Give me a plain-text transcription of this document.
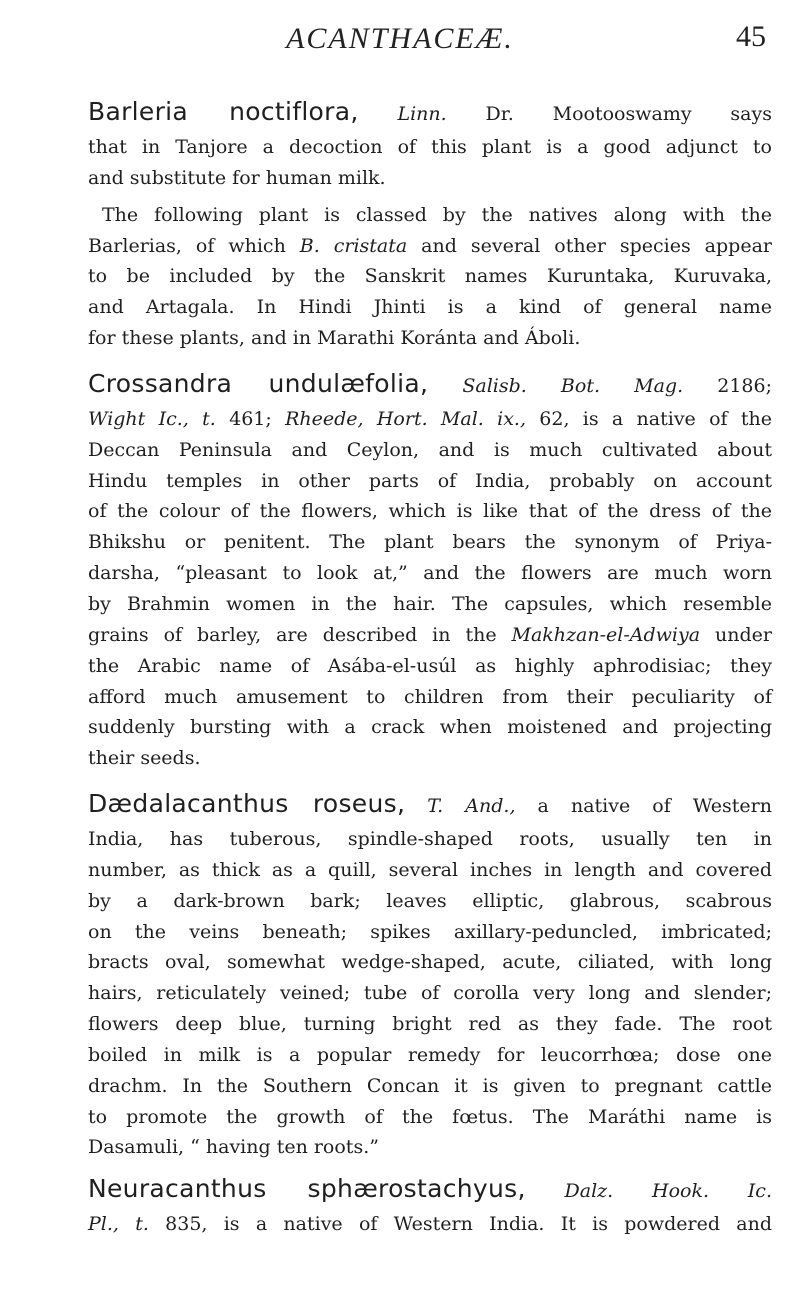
ACANTHACEÆ.	45
Barleria noctiflora, Linn. Dr. Mootooswamy says
that in Tanjore a decoction of this plant is a good adjunct to
and substitute for human milk.
The following plant is classed by the natives along with the
Barlerias, of which B. cristata and several other species appear
to be included by the Sanskrit names Kuruntaka, Kuruvaka,
and Artagala. In Hindi Jhinti is a kind of general name
for these plants, and in Marathi Koránta and Áboli.
Crossandra undulæfolia, Salisb. Bot. Mag. 2186;
Wight Ic., t. 461; Rheede, Hort. Mal. ix., 62, is a native of the
Deccan Peninsula and Ceylon, and is much cultivated about
Hindu temples in other parts of India, probably on account
of the colour of the flowers, which is like that of the dress of the
Bhikshu or penitent. The plant bears the synonym of Priya-
darsha, “pleasant to look at,” and the flowers are much worn
by Brahmin women in the hair. The capsules, which resemble
grains of barley, are described in the Makhzan-el-Adwiya under
the Arabic name of Asába-el-usúl as highly aphrodisiac; they
afford much amusement to children from their peculiarity of
suddenly bursting with a crack when moistened and projecting
their seeds.
Dædalacanthus roseus, T. And., a native of Western
India, has tuberous, spindle-shaped roots, usually ten in
number, as thick as a quill, several inches in length and covered
by a dark-brown bark; leaves elliptic, glabrous, scabrous
on the veins beneath; spikes axillary-peduncled, imbricated;
bracts oval, somewhat wedge-shaped, acute, ciliated, with long
hairs, reticulately veined; tube of corolla very long and slender;
flowers deep blue, turning bright red as they fade. The root
boiled in milk is a popular remedy for leucorrhœa; dose one
drachm. In the Southern Concan it is given to pregnant cattle
to promote the growth of the fœtus. The Maráthi name is
Dasamuli, “ having ten roots.”
Neuracanthus sphærostachyus, Dalz. Hook. Ic.
Pl., t. 835, is a native of Western India. It is powdered and
